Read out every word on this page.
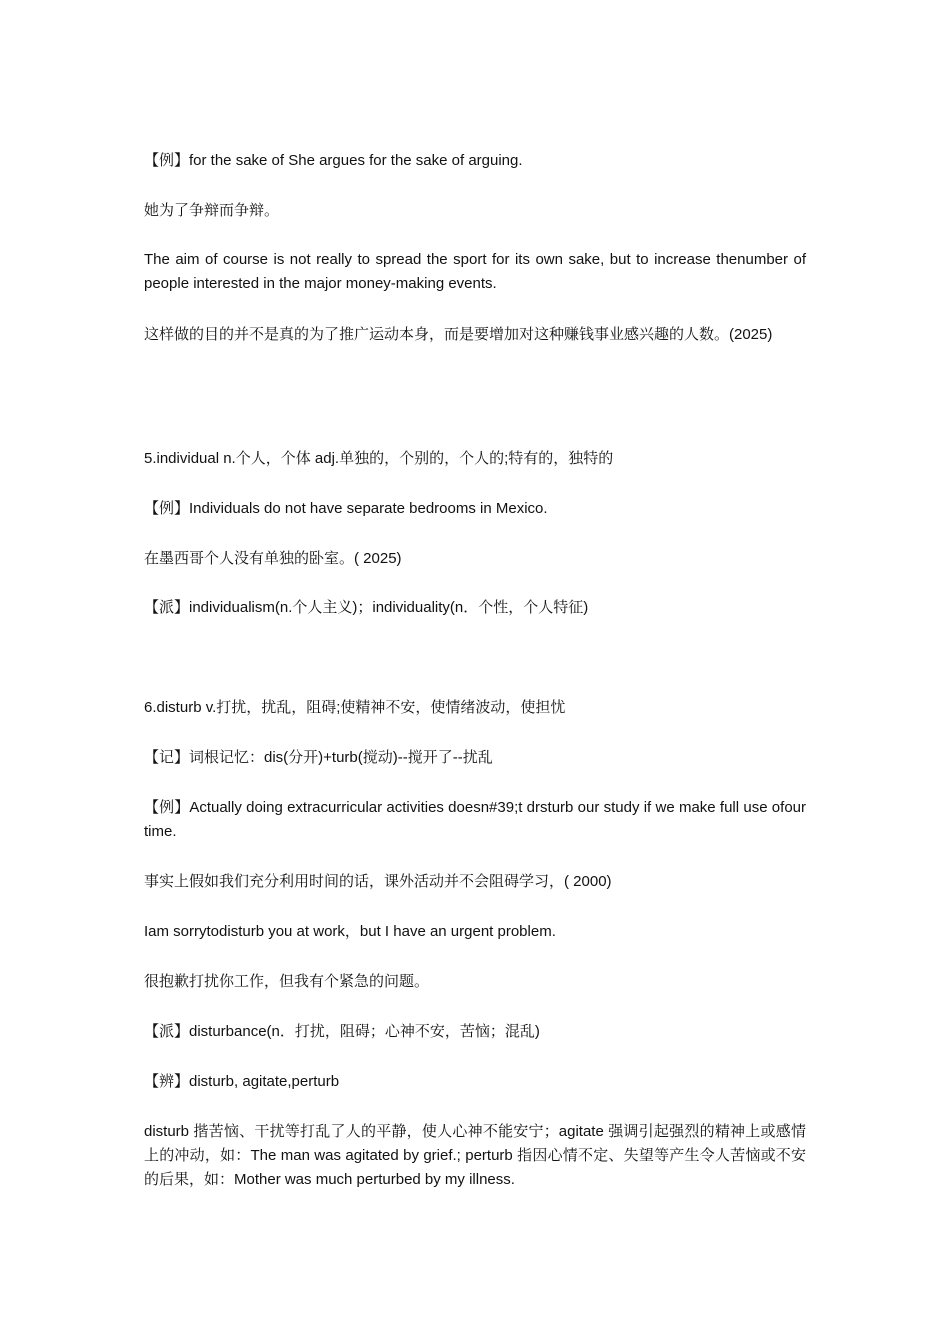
【例】for the sake of She argues for the sake of arguing.

她为了争辩而争辩。

The aim of course is not really to spread the sport for its own sake, but to increase thenumber of people interested in the major money-making events.

这样做的目的并不是真的为了推广运动本身，而是要增加对这种赚钱事业感兴趣的人数。(2025)

5.individual n.个人，个体 adj.单独的，个别的，个人的;特有的，独特的

【例】Individuals do not have separate bedrooms in Mexico.

在墨西哥个人没有单独的卧室。( 2025)

【派】individualism(n.个人主义)；individuality(n．个性，个人特征)

6.disturb v.打扰，扰乱，阻碍;使精神不安，使情绪波动，使担忧

【记】词根记忆：dis(分开)+turb(搅动)--搅开了--扰乱

【例】Actually doing extracurricular activities doesn#39;t drsturb our study if we make full use ofour time.

事实上假如我们充分利用时间的话，课外活动并不会阻碍学习，( 2000)

Iam sorrytodisturb you at work，but I have an urgent problem.

很抱歉打扰你工作，但我有个紧急的问题。

【派】disturbance(n．打扰，阻碍；心神不安，苦恼；混乱)

【辨】disturb, agitate,perturb

disturb 揩苦恼、干扰等打乱了人的平静，使人心神不能安宁；agitate 强调引起强烈的精神上或感情上的冲动，如：The man was agitated by grief.; perturb 指因心情不定、失望等产生令人苦恼或不安的后果，如：Mother was much perturbed by my illness.
